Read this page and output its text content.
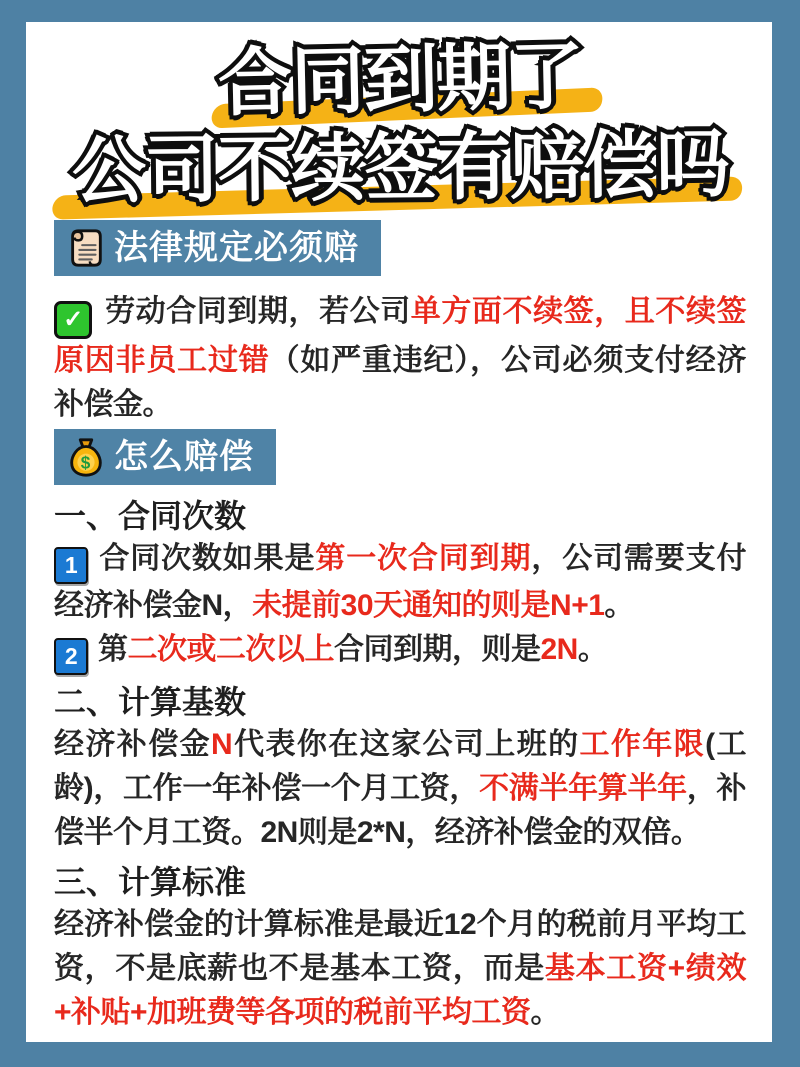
合同到期了
公司不续签有赔偿吗
法律规定必须赔
✓ 劳动合同到期，若公司单方面不续签，且不续签原因非员工过错（如严重违纪），公司必须支付经济补偿金。
$ 怎么赔偿
一、合同次数
1 合同次数如果是第一次合同到期，公司需要支付经济补偿金N，未提前30天通知的则是N+1。
2 第二次或二次以上合同到期，则是2N。
二、计算基数
经济补偿金N代表你在这家公司上班的工作年限(工龄)，工作一年补偿一个月工资，不满半年算半年，补偿半个月工资。2N则是2*N，经济补偿金的双倍。
三、计算标准
经济补偿金的计算标准是最近12个月的税前月平均工资，不是底薪也不是基本工资，而是基本工资+绩效+补贴+加班费等各项的税前平均工资。
